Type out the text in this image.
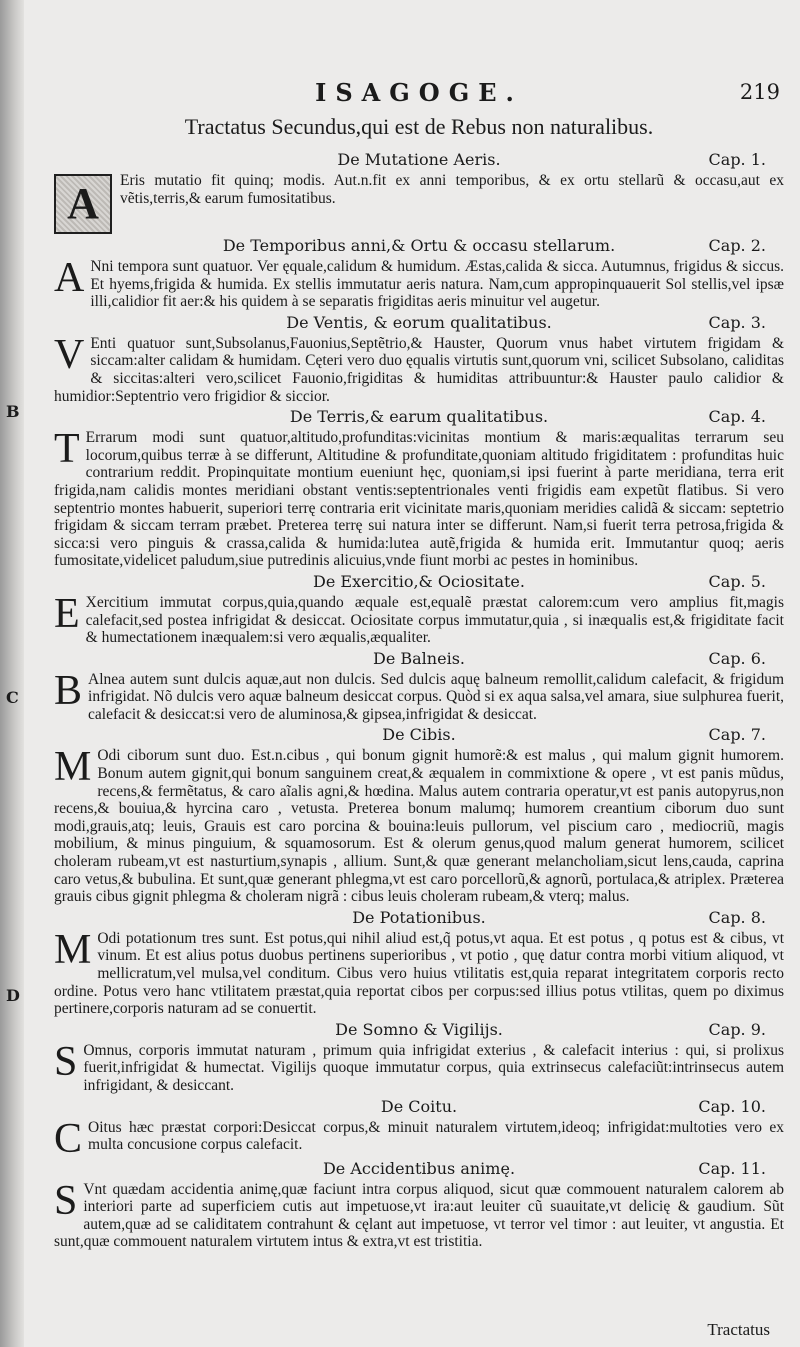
ISAGOGE.	219
Tractatus Secundus,qui est de Rebus non naturalibus.
De Mutatione Aeris.	Cap. 1.
A	Eris mutatio fit quinq; modis. Aut.n.fit ex anni temporibus, & ex ortu stellarũ & occasu,aut ex vẽtis,terris,& earum fumositatibus.
De Temporibus anni,& Ortu & occasu stellarum.	Cap. 2.
A Nni tempora sunt quatuor. Ver ęquale,calidum & humidum. Æstas,calida & sicca. Autumnus, frigidus & siccus. Et hyems,frigida & humida. Ex stellis immutatur aeris natura. Nam,cum appropinquauerit Sol stellis,vel ipsæ illi,calidior fit aer:& his quidem à se separatis frigiditas aeris minuitur vel augetur.
De Ventis, & eorum qualitatibus.	Cap. 3.
V Enti quatuor sunt,Subsolanus,Fauonius,Septẽtrio,& Hauster, Quorum vnus habet virtutem frigidam & siccam:alter calidam & humidam. Cęteri vero duo ęqualis virtutis sunt,quorum vni, scilicet Subsolano, caliditas & siccitas:alteri vero,scilicet Fauonio,frigiditas & humiditas attribuuntur:& Hauster paulo calidior & humidior:Septentrio vero frigidior & siccior.
De Terris,& earum qualitatibus.	Cap. 4.
T Errarum modi sunt quatuor,altitudo,profunditas:vicinitas montium & maris:æqualitas terrarum seu locorum,quibus terræ à se differunt, Altitudine & profunditate,quoniam altitudo frigiditatem : profunditas huic contrarium reddit. Propinquitate montium eueniunt hęc, quoniam,si ipsi fuerint à parte meridiana, terra erit frigida,nam calidis montes meridiani obstant ventis:septentrionales venti frigidis eam expetũt flatibus. Si vero septentrio montes habuerit, superiori terrę contraria erit vicinitate maris,quoniam meridies calidã & siccam: septetrio frigidam & siccam terram præbet. Preterea terrę sui natura inter se differunt. Nam,si fuerit terra petrosa,frigida & sicca:si vero pinguis & crassa,calida & humida:lutea autẽ,frigida & humida erit. Immutantur quoq; aeris fumositate,videlicet paludum,siue putredinis alicuius,vnde fiunt morbi ac pestes in hominibus.
De Exercitio,& Ociositate.	Cap. 5.
E Xercitium immutat corpus,quia,quando æquale est,equalẽ præstat calorem:cum vero amplius fit,magis calefacit,sed postea infrigidat & desiccat. Ociositate corpus immutatur,quia , si inæqualis est,& frigiditate facit & humectationem inæqualem:si vero æqualis,æqualiter.
De Balneis.	Cap. 6.
B Alnea autem sunt dulcis aquæ,aut non dulcis. Sed dulcis aquę balneum remollit,calidum calefacit, & frigidum infrigidat. Nõ dulcis vero aquæ balneum desiccat corpus. Quòd si ex aqua salsa,vel amara, siue sulphurea fuerit, calefacit & desiccat:si vero de aluminosa,& gipsea,infrigidat & desiccat.
De Cibis.	Cap. 7.
M Odi ciborum sunt duo. Est.n.cibus , qui bonum gignit humorẽ:& est malus , qui malum gignit humorem. Bonum autem gignit,qui bonum sanguinem creat,& æqualem in commixtione & opere , vt est panis mũdus, recens,& fermẽtatus, & caro aĩalis agni,& hœdina. Malus autem contraria operatur,vt est panis autopyrus,non recens,& bouiua,& hyrcina caro , vetusta. Preterea bonum malumq; humorem creantium ciborum duo sunt modi,grauis,atq; leuis, Grauis est caro porcina & bouina:leuis pullorum, vel piscium caro , mediocriũ, magis mobilium, & minus pinguium, & squamosorum. Est & olerum genus,quod malum generat humorem, scilicet choleram rubeam,vt est nasturtium,synapis , allium. Sunt,& quæ generant melancholiam,sicut lens,cauda, caprina caro vetus,& bubulina. Et sunt,quæ generant phlegma,vt est caro porcellorũ,& agnorũ, portulaca,& atriplex. Præterea grauis cibus gignit phlegma & choleram nigrã : cibus leuis choleram rubeam,& vterq; malus.
De Potationibus.	Cap. 8.
M Odi potationum tres sunt. Est potus,qui nihil aliud est,q̃ potus,vt aqua. Et est potus , q potus est & cibus, vt vinum. Et est alius potus duobus pertinens superioribus , vt potio , quę datur contra morbi vitium aliquod, vt mellicratum,vel mulsa,vel conditum. Cibus vero huius vtilitatis est,quia reparat integritatem corporis recto ordine. Potus vero hanc vtilitatem præstat,quia reportat cibos per corpus:sed illius potus vtilitas, quem po diximus pertinere,corporis naturam ad se conuertit.
De Somno & Vigilijs.	Cap. 9.
S Omnus, corporis immutat naturam , primum quia infrigidat exterius , & calefacit interius : qui, si prolixus fuerit,infrigidat & humectat. Vigilijs quoque immutatur corpus, quia extrinsecus calefaciũt:intrinsecus autem infrigidant, & desiccant.
De Coitu.	Cap. 10.
C Oitus hæc præstat corpori:Desiccat corpus,& minuit naturalem virtutem,ideoq; infrigidat:multoties vero ex multa concusione corpus calefacit.
De Accidentibus animę.	Cap. 11.
S Vnt quædam accidentia animę,quæ faciunt intra corpus aliquod, sicut quæ commouent naturalem calorem ab interiori parte ad superficiem cutis aut impetuose,vt ira:aut leuiter cũ suauitate,vt delicię & gaudium. Sũt autem,quæ ad se caliditatem contrahunt & cęlant aut impetuose, vt terror vel timor : aut leuiter, vt angustia. Et sunt,quæ commouent naturalem virtutem intus & extra,vt est tristitia.
Tractatus
B
C
D
